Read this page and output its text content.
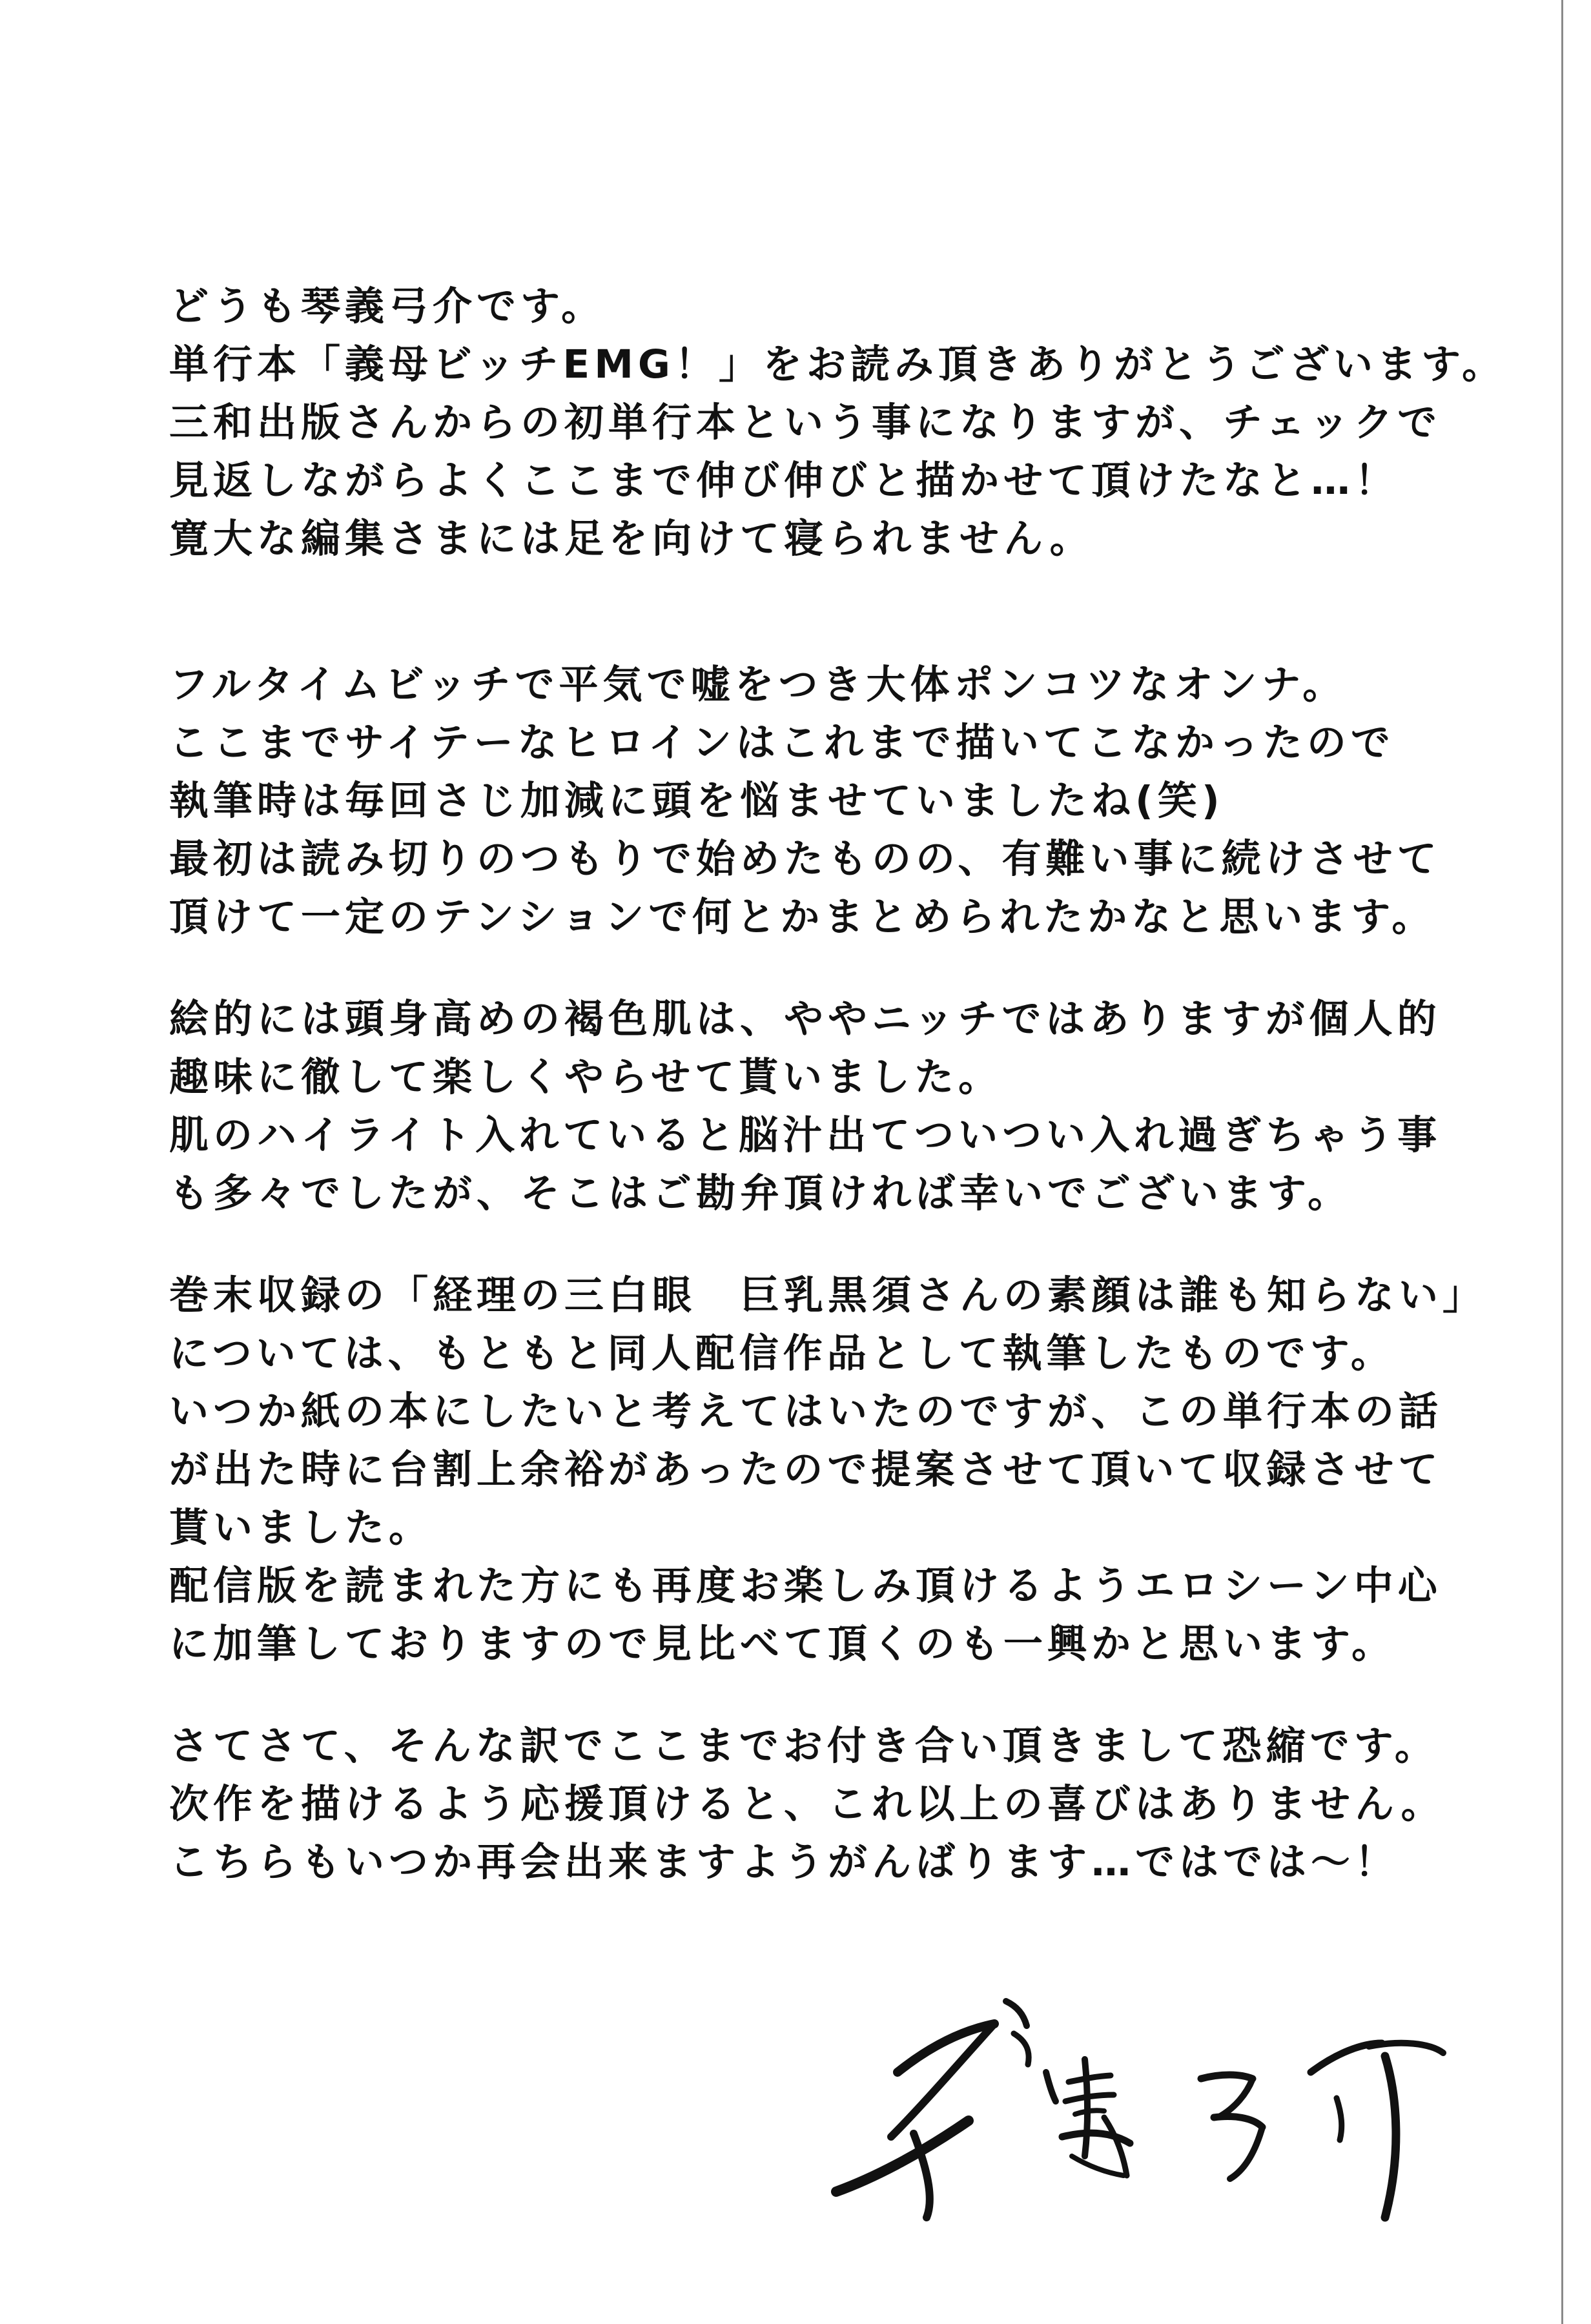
どうも琴義弓介です。
単行本「義母ビッチEMG！」をお読み頂きありがとうございます。
三和出版さんからの初単行本という事になりますが、チェックで
見返しながらよくここまで伸び伸びと描かせて頂けたなと…！
寛大な編集さまには足を向けて寝られません。
フルタイムビッチで平気で嘘をつき大体ポンコツなオンナ。
ここまでサイテーなヒロインはこれまで描いてこなかったので
執筆時は毎回さじ加減に頭を悩ませていましたね(笑)
最初は読み切りのつもりで始めたものの、有難い事に続けさせて
頂けて一定のテンションで何とかまとめられたかなと思います。
絵的には頭身高めの褐色肌は、ややニッチではありますが個人的
趣味に徹して楽しくやらせて貰いました。
肌のハイライト入れていると脳汁出てついつい入れ過ぎちゃう事
も多々でしたが、そこはご勘弁頂ければ幸いでございます。
巻末収録の「経理の三白眼　巨乳黒須さんの素顔は誰も知らない」
については、もともと同人配信作品として執筆したものです。
いつか紙の本にしたいと考えてはいたのですが、この単行本の話
が出た時に台割上余裕があったので提案させて頂いて収録させて
貰いました。
配信版を読まれた方にも再度お楽しみ頂けるようエロシーン中心
に加筆しておりますので見比べて頂くのも一興かと思います。
さてさて、そんな訳でここまでお付き合い頂きまして恐縮です。
次作を描けるよう応援頂けると、これ以上の喜びはありません。
こちらもいつか再会出来ますようがんばります…ではでは～！
